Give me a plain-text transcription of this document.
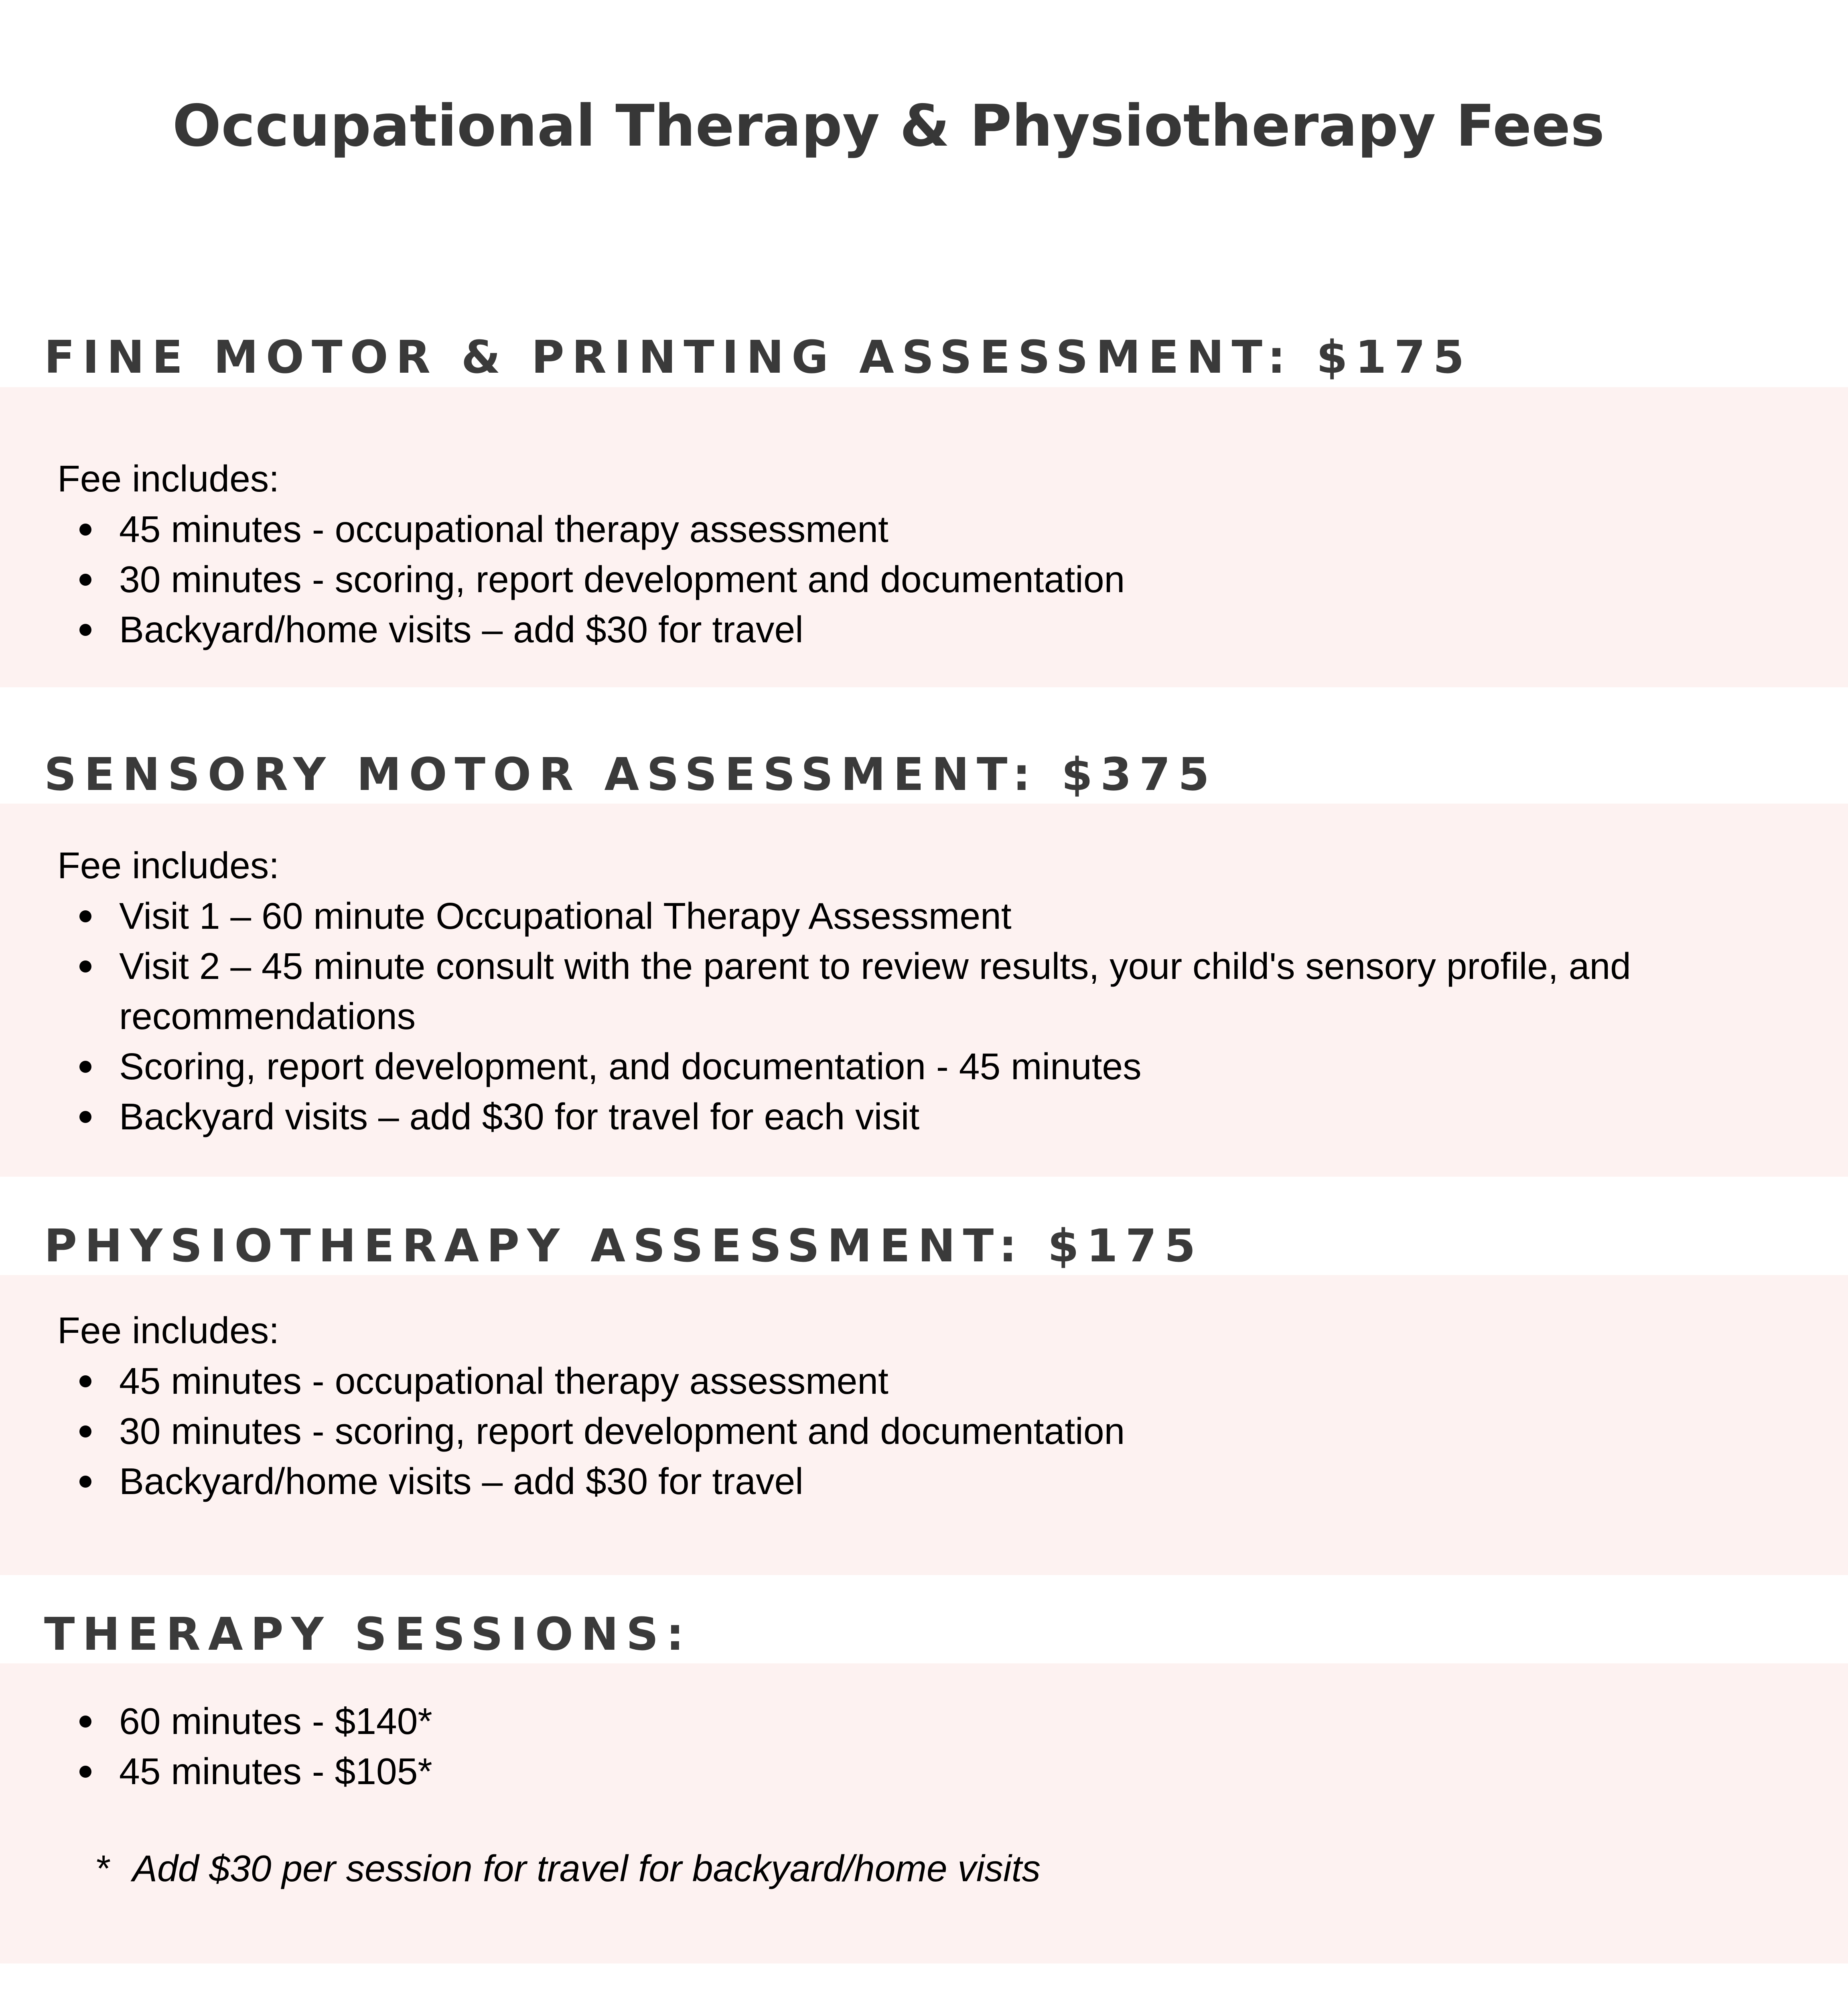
Occupational Therapy & Physiotherapy Fees
FINE MOTOR & PRINTING ASSESSMENT: $175

Fee includes:

45 minutes - occupational therapy assessment
30 minutes - scoring, report development and documentation
Backyard/home visits – add $30 for travel
SENSORY MOTOR ASSESSMENT: $375

Fee includes:

Visit 1 – 60 minute Occupational Therapy Assessment
Visit 2 – 45 minute consult with the parent to review results, your child's sensory profile, and recommendations
Scoring, report development, and documentation - 45 minutes
Backyard visits – add $30 for travel for each visit
PHYSIOTHERAPY ASSESSMENT: $175

Fee includes:

45 minutes - occupational therapy assessment
30 minutes - scoring, report development and documentation
Backyard/home visits – add $30 for travel
THERAPY SESSIONS:
60 minutes - $140*
45 minutes - $105*

* Add $30 per session for travel for backyard/home visits
